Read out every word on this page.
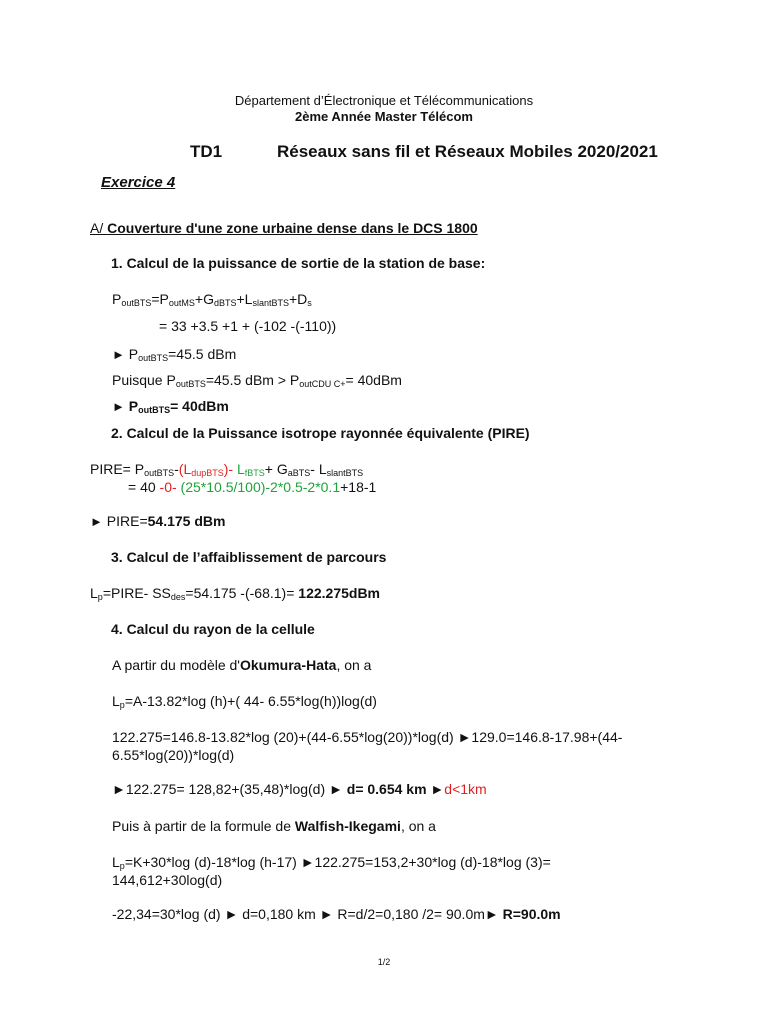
Département d’Électronique et Télécommunications
2ème Année Master Télécom
TD1	Réseaux sans fil et Réseaux Mobiles 2020/2021
Exercice 4
A/ Couverture d'une zone urbaine dense dans le DCS 1800
1. Calcul de la puissance de sortie de la station de base:
$P_{outBTS}=P_{outMS}+G_{dBTS}+L_{slantBTS}+D_s$
= 33 +3.5 +1 + (-102 -(-110))
► $P_{outBTS}=45.5$ dBm
Puisque $P_{outBTS}=45.5$ dBm > $P_{outCDU C+}= 40dBm$
► $P_{outBTS}= 40dBm$
2. Calcul de la Puissance isotrope rayonnée équivalente (PIRE)
PIRE= $P_{outBTS}-(L_{dupBTS})-$ $L_{fBTS}+ G_{aBTS}-$ $L_{slantBTS}$
= 40 -0- (25*10.5/100)-2*0.5-2*0.1+18-1
► PIRE=54.175 dBm
3. Calcul de l’affaiblissement de parcours
$L_p=PIRE-$ $SS_{des}=54.175$ -(-68.1)= 122.275dBm
4. Calcul du rayon de la cellule
A partir du modèle d'Okumura-Hata, on a
$L_p=A-13.82*\log$ (h)+( 44- 6.55*log(h))log(d)
122.275=146.8-13.82*log (20)+(44-6.55*log(20))*log(d) ►129.0=146.8-17.98+(44-
6.55*log(20))*log(d)
►122.275= 128,82+(35,48)*log(d) ► d= 0.654 km ►d<1km
Puis à partir de la formule de Walfish-Ikegami, on a
$L_p=K+30*\log$ (d)-18*log (h-17) ►122.275=153,2+30*log (d)-18*log (3)=
144,612+30log(d)
-22,34=30*log (d) ► d=0,180 km ► R=d/2=0,180 /2= 90.0m► R=90.0m
1/2
